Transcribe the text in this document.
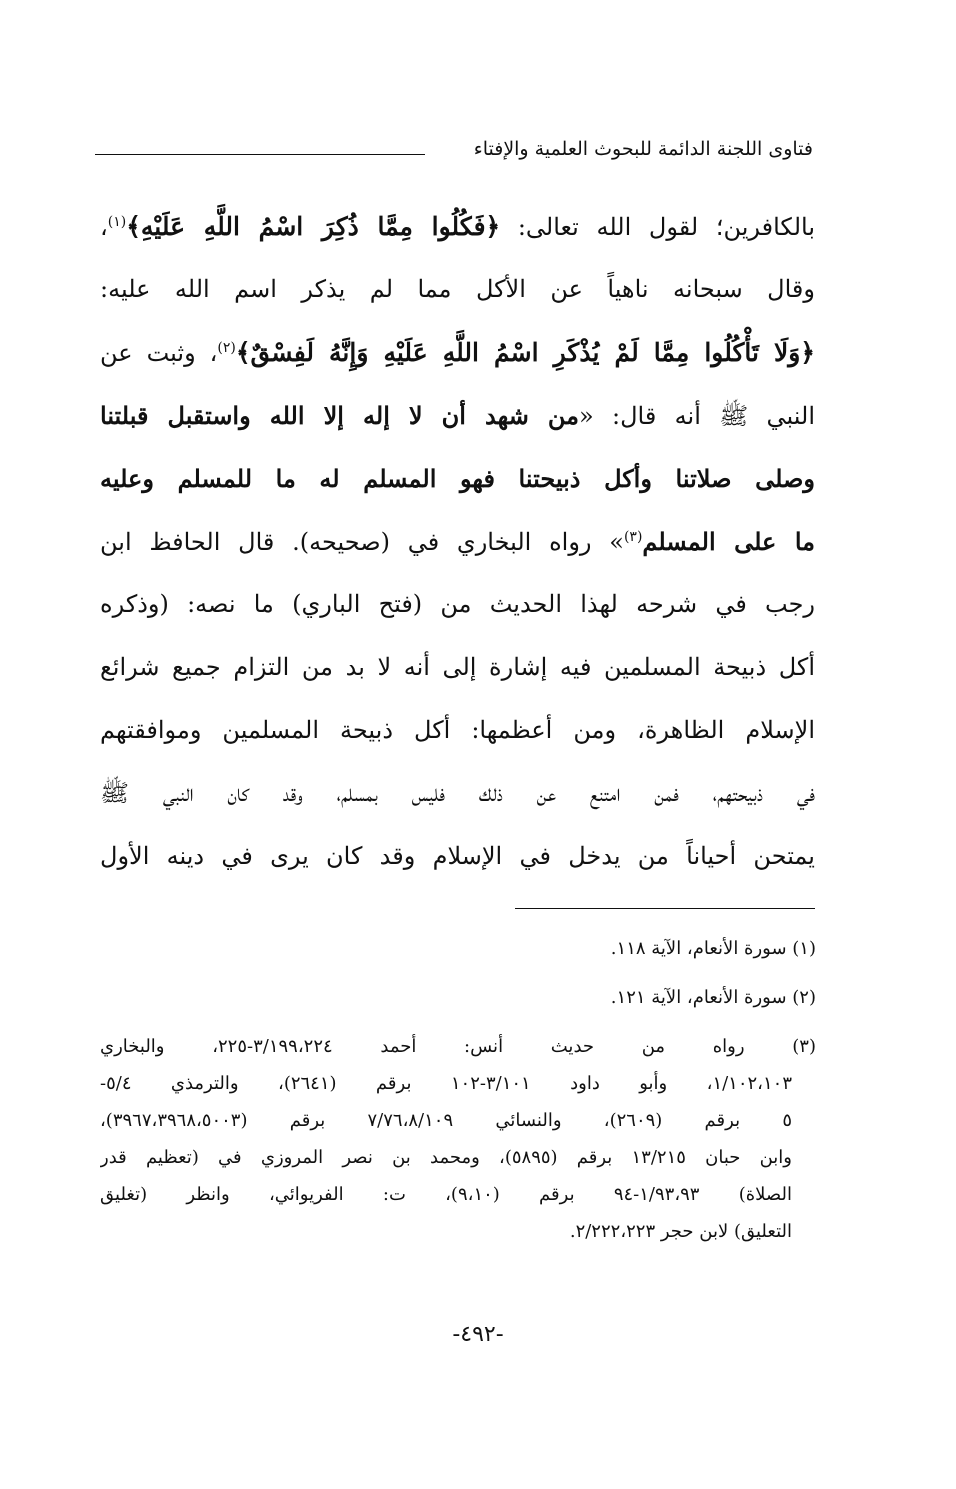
فتاوى اللجنة الدائمة للبحوث العلمية والإفتاء
بالكافرين؛ لقول الله تعالى: ﴿فَكُلُوا مِمَّا ذُكِرَ اسْمُ اللَّهِ عَلَيْهِ﴾$^{(١)}$،
وقال سبحانه ناهياً عن الأكل مما لم يذكر اسم الله عليه:
﴿وَلَا تَأْكُلُوا مِمَّا لَمْ يُذْكَرِ اسْمُ اللَّهِ عَلَيْهِ وَإِنَّهُ لَفِسْقٌ﴾$^{(٢)}$، وثبت عن
النبي ﷺ أنه قال: «من شهد أن لا إله إلا الله واستقبل قبلتنا
وصلى صلاتنا وأكل ذبيحتنا فهو المسلم له ما للمسلم وعليه
ما على المسلم$^{(٣)}$» رواه البخاري في (صحيحه). قال الحافظ ابن
رجب في شرحه لهذا الحديث من (فتح الباري) ما نصه: (وذكره
أكل ذبيحة المسلمين فيه إشارة إلى أنه لا بد من التزام جميع شرائع
الإسلام الظاهرة، ومن أعظمها: أكل ذبيحة المسلمين وموافقتهم
في ذبيحتهم، فمن امتنع عن ذلك فليس بمسلم، وقد كان النبي ﷺ
يمتحن أحياناً من يدخل في الإسلام وقد كان يرى في دينه الأول
(١) سورة الأنعام، الآية ١١٨.
(٢) سورة الأنعام، الآية ١٢١.
(٣) رواه من حديث أنس: أحمد ٣/١٩٩،٢٢٤-٢٢٥، والبخاري
١/١٠٢،١٠٣، وأبو داود ٣/١٠١-١٠٢ برقم (٢٦٤١)، والترمذي ٥/٤-
٥ برقم (٢٦٠٩)، والنسائي ٧/٧٦،٨/١٠٩ برقم (٣٩٦٧،٣٩٦٨،٥٠٠٣)،
وابن حبان ١٣/٢١٥ برقم (٥٨٩٥)، ومحمد بن نصر المروزي في (تعظيم قدر
الصلاة) ١/٩٣،٩٣-٩٤ برقم (٩،١٠)، ت: الفريوائي، وانظر (تغليق
التعليق) لابن حجر ٢/٢٢٢،٢٢٣.
-٤٩٢-
